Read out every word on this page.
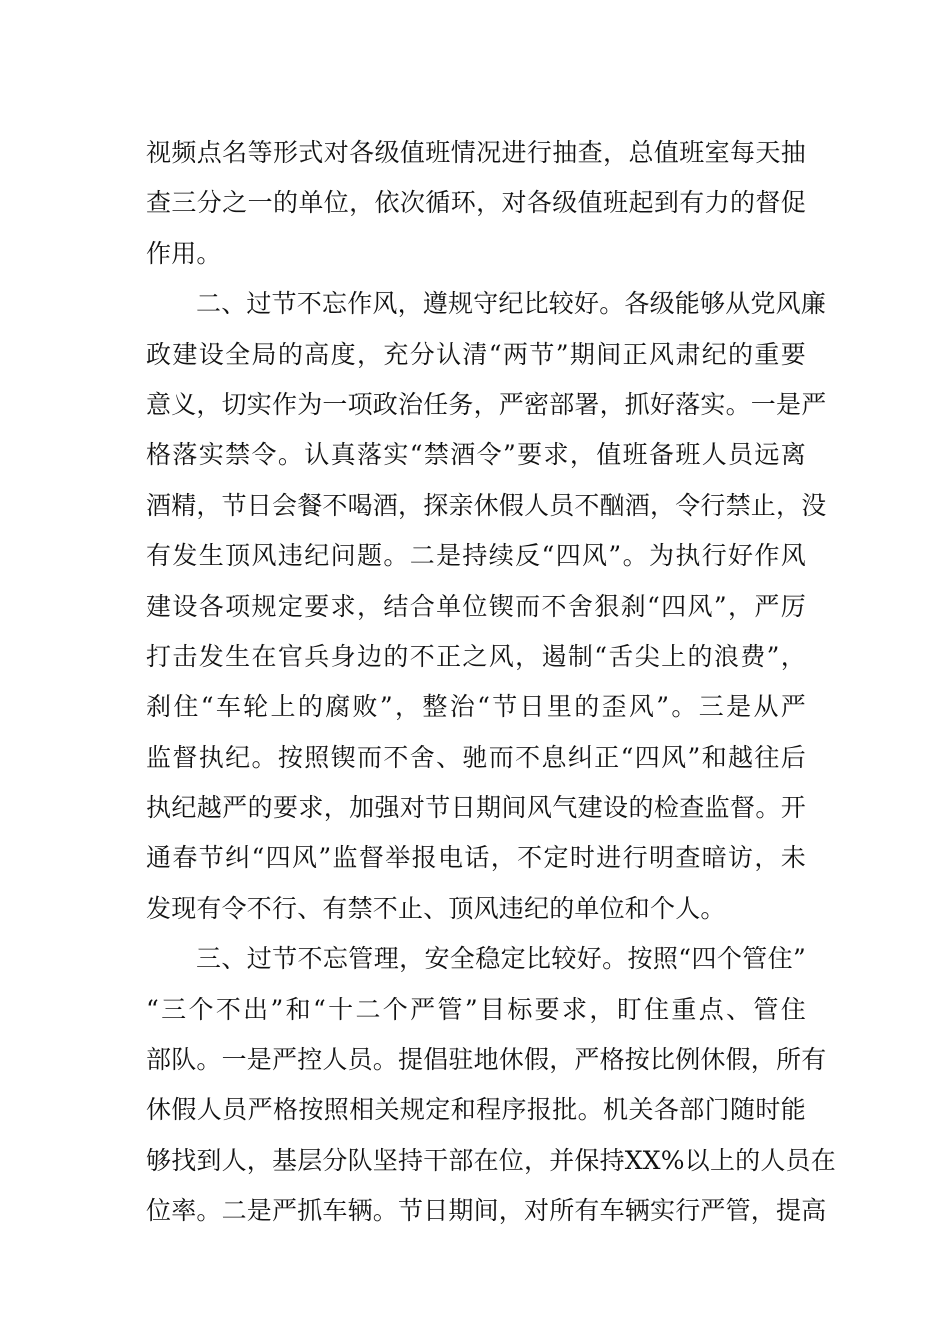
视频点名等形式对各级值班情况进行抽查，总值班室每天抽
查三分之一的单位，依次循环，对各级值班起到有力的督促
作用。
二、过节不忘作风，遵规守纪比较好。各级能够从党风廉
政建设全局的高度，充分认清“两节”期间正风肃纪的重要
意义，切实作为一项政治任务，严密部署，抓好落实。一是严
格落实禁令。认真落实“禁酒令”要求，值班备班人员远离
酒精，节日会餐不喝酒，探亲休假人员不酗酒，令行禁止，没
有发生顶风违纪问题。二是持续反“四风”。为执行好作风
建设各项规定要求，结合单位锲而不舍狠刹“四风”，严厉
打击发生在官兵身边的不正之风，遏制“舌尖上的浪费”，
刹住“车轮上的腐败”，整治“节日里的歪风”。三是从严
监督执纪。按照锲而不舍、驰而不息纠正“四风”和越往后
执纪越严的要求，加强对节日期间风气建设的检查监督。开
通春节纠“四风”监督举报电话，不定时进行明查暗访，未
发现有令不行、有禁不止、顶风违纪的单位和个人。
三、过节不忘管理，安全稳定比较好。按照“四个管住”
“三个不出”和“十二个严管”目标要求，盯住重点、管住
部队。一是严控人员。提倡驻地休假，严格按比例休假，所有
休假人员严格按照相关规定和程序报批。机关各部门随时能
够找到人，基层分队坚持干部在位，并保持XX%以上的人员在
位率。二是严抓车辆。节日期间，对所有车辆实行严管，提高
